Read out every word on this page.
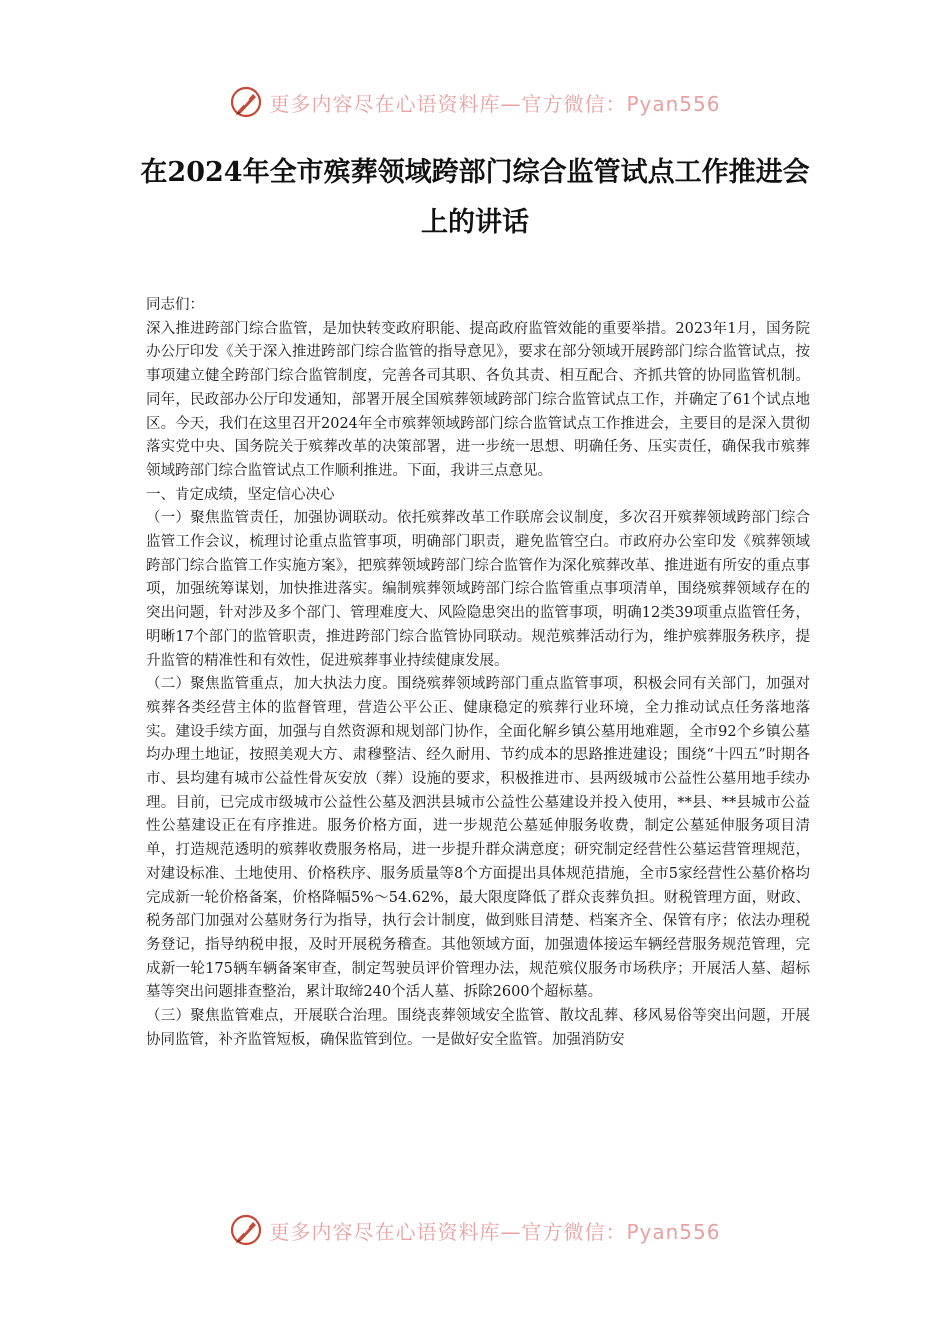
更多内容尽在心语资料库—官方微信：Pyan556
在2024年全市殡葬领域跨部门综合监管试点工作推进会上的讲话

同志们：

深入推进跨部门综合监管，是加快转变政府职能、提高政府监管效能的重要举措。2023年1月，国务院办公厅印发《关于深入推进跨部门综合监管的指导意见》，要求在部分领域开展跨部门综合监管试点，按事项建立健全跨部门综合监管制度，完善各司其职、各负其责、相互配合、齐抓共管的协同监管机制。同年，民政部办公厅印发通知，部署开展全国殡葬领域跨部门综合监管试点工作，并确定了61个试点地区。今天，我们在这里召开2024年全市殡葬领域跨部门综合监管试点工作推进会，主要目的是深入贯彻落实党中央、国务院关于殡葬改革的决策部署，进一步统一思想、明确任务、压实责任，确保我市殡葬领域跨部门综合监管试点工作顺利推进。下面，我讲三点意见。

一、肯定成绩，坚定信心决心

（一）聚焦监管责任，加强协调联动。依托殡葬改革工作联席会议制度，多次召开殡葬领域跨部门综合监管工作会议，梳理讨论重点监管事项，明确部门职责，避免监管空白。市政府办公室印发《殡葬领域跨部门综合监管工作实施方案》，把殡葬领域跨部门综合监管作为深化殡葬改革、推进逝有所安的重点事项，加强统筹谋划，加快推进落实。编制殡葬领域跨部门综合监管重点事项清单，围绕殡葬领域存在的突出问题，针对涉及多个部门、管理难度大、风险隐患突出的监管事项，明确12类39项重点监管任务，明晰17个部门的监管职责，推进跨部门综合监管协同联动。规范殡葬活动行为，维护殡葬服务秩序，提升监管的精准性和有效性，促进殡葬事业持续健康发展。

（二）聚焦监管重点，加大执法力度。围绕殡葬领域跨部门重点监管事项，积极会同有关部门，加强对殡葬各类经营主体的监督管理，营造公平公正、健康稳定的殡葬行业环境，全力推动试点任务落地落实。建设手续方面，加强与自然资源和规划部门协作，全面化解乡镇公墓用地难题，全市92个乡镇公墓均办理土地证，按照美观大方、肃穆整洁、经久耐用、节约成本的思路推进建设；围绕“十四五”时期各市、县均建有城市公益性骨灰安放（葬）设施的要求，积极推进市、县两级城市公益性公墓用地手续办理。目前，已完成市级城市公益性公墓及泗洪县城市公益性公墓建设并投入使用，**县、**县城市公益性公墓建设正在有序推进。服务价格方面，进一步规范公墓延伸服务收费，制定公墓延伸服务项目清单，打造规范透明的殡葬收费服务格局，进一步提升群众满意度；研究制定经营性公墓运营管理规范，对建设标准、土地使用、价格秩序、服务质量等8个方面提出具体规范措施，全市5家经营性公墓价格均完成新一轮价格备案，价格降幅5%～54.62%，最大限度降低了群众丧葬负担。财税管理方面，财政、税务部门加强对公墓财务行为指导，执行会计制度，做到账目清楚、档案齐全、保管有序；依法办理税务登记，指导纳税申报，及时开展税务稽查。其他领域方面，加强遗体接运车辆经营服务规范管理，完成新一轮175辆车辆备案审查，制定驾驶员评价管理办法，规范殡仪服务市场秩序；开展活人墓、超标墓等突出问题排查整治，累计取缔240个活人墓、拆除2600个超标墓。

（三）聚焦监管难点，开展联合治理。围绕丧葬领域安全监管、散坟乱葬、移风易俗等突出问题，开展协同监管，补齐监管短板，确保监管到位。一是做好安全监管。加强消防安

更多内容尽在心语资料库—官方微信：Pyan556
